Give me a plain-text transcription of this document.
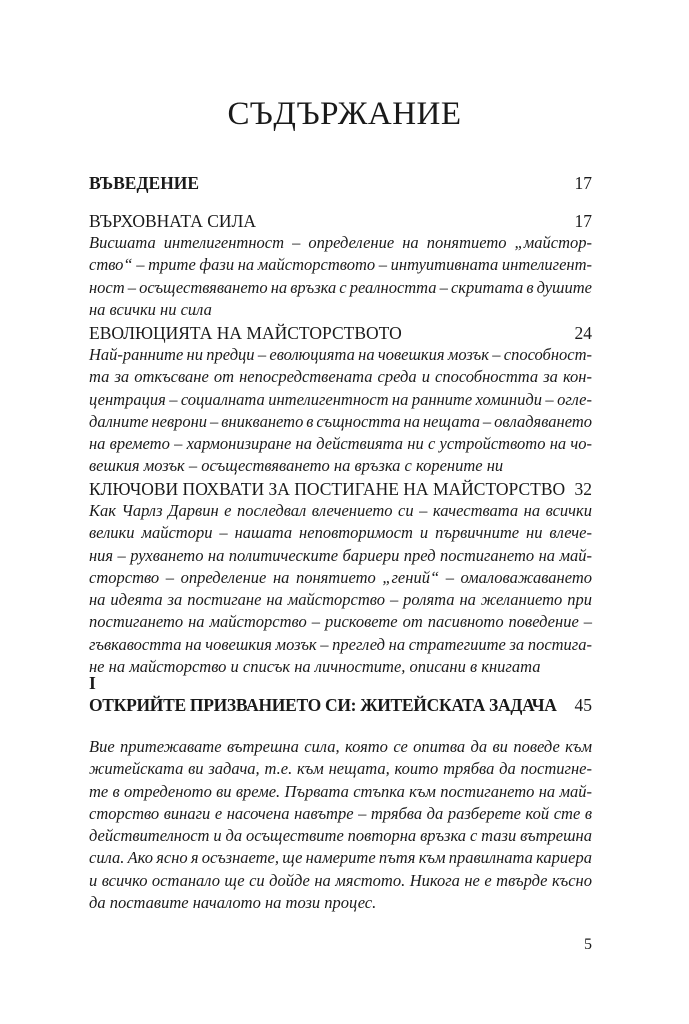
СЪДЪРЖАНИЕ
ВЪВЕДЕНИЕ	17
ВЪРХОВНАТА СИЛА	17
Висшата интелигентност – определение на понятието „майстор-
ство“ – трите фази на майсторството – интуитивната интелигент-
ност – осъществяването на връзка с реалността – скритата в душите
на всички ни сила
ЕВОЛЮЦИЯТА НА МАЙСТОРСТВОТО	24
Най-ранните ни предци – еволюцията на човешкия мозък – способност-
та за откъсване от непосредствената среда и способността за кон-
центрация – социалната интелигентност на ранните хоминиди – огле-
далните неврони – вникването в същността на нещата – овладяването
на времето – хармонизиране на действията ни с устройството на чо-
вешкия мозък – осъществяването на връзка с корените ни
КЛЮЧОВИ ПОХВАТИ ЗА ПОСТИГАНЕ НА МАЙСТОРСТВО 32
Как Чарлз Дарвин е последвал влечението си – качествата на всички
велики майстори – нашата неповторимост и първичните ни влече-
ния – рухването на политическите бариери пред постигането на май-
сторство – определение на понятието „гений“ – омаловажаването
на идеята за постигане на майсторство – ролята на желанието при
постигането на майсторство – рисковете от пасивното поведение –
гъвкавостта на човешкия мозък – преглед на стратегиите за постига-
не на майсторство и списък на личностите, описани в книгата
I
ОТКРИЙТЕ ПРИЗВАНИЕТО СИ: ЖИТЕЙСКАТА ЗАДАЧА 45
Вие притежавате вътрешна сила, която се опитва да ви поведе към
житейската ви задача, т.е. към нещата, които трябва да постигне-
те в отреденото ви време. Първата стъпка към постигането на май-
сторство винаги е насочена навътре – трябва да разберете кой сте в
действителност и да осъществите повторна връзка с тази вътрешна
сила. Ако ясно я осъзнаете, ще намерите пътя към правилната кариера
и всичко останало ще си дойде на мястото. Никога не е твърде късно
да поставите началото на този процес.
5
